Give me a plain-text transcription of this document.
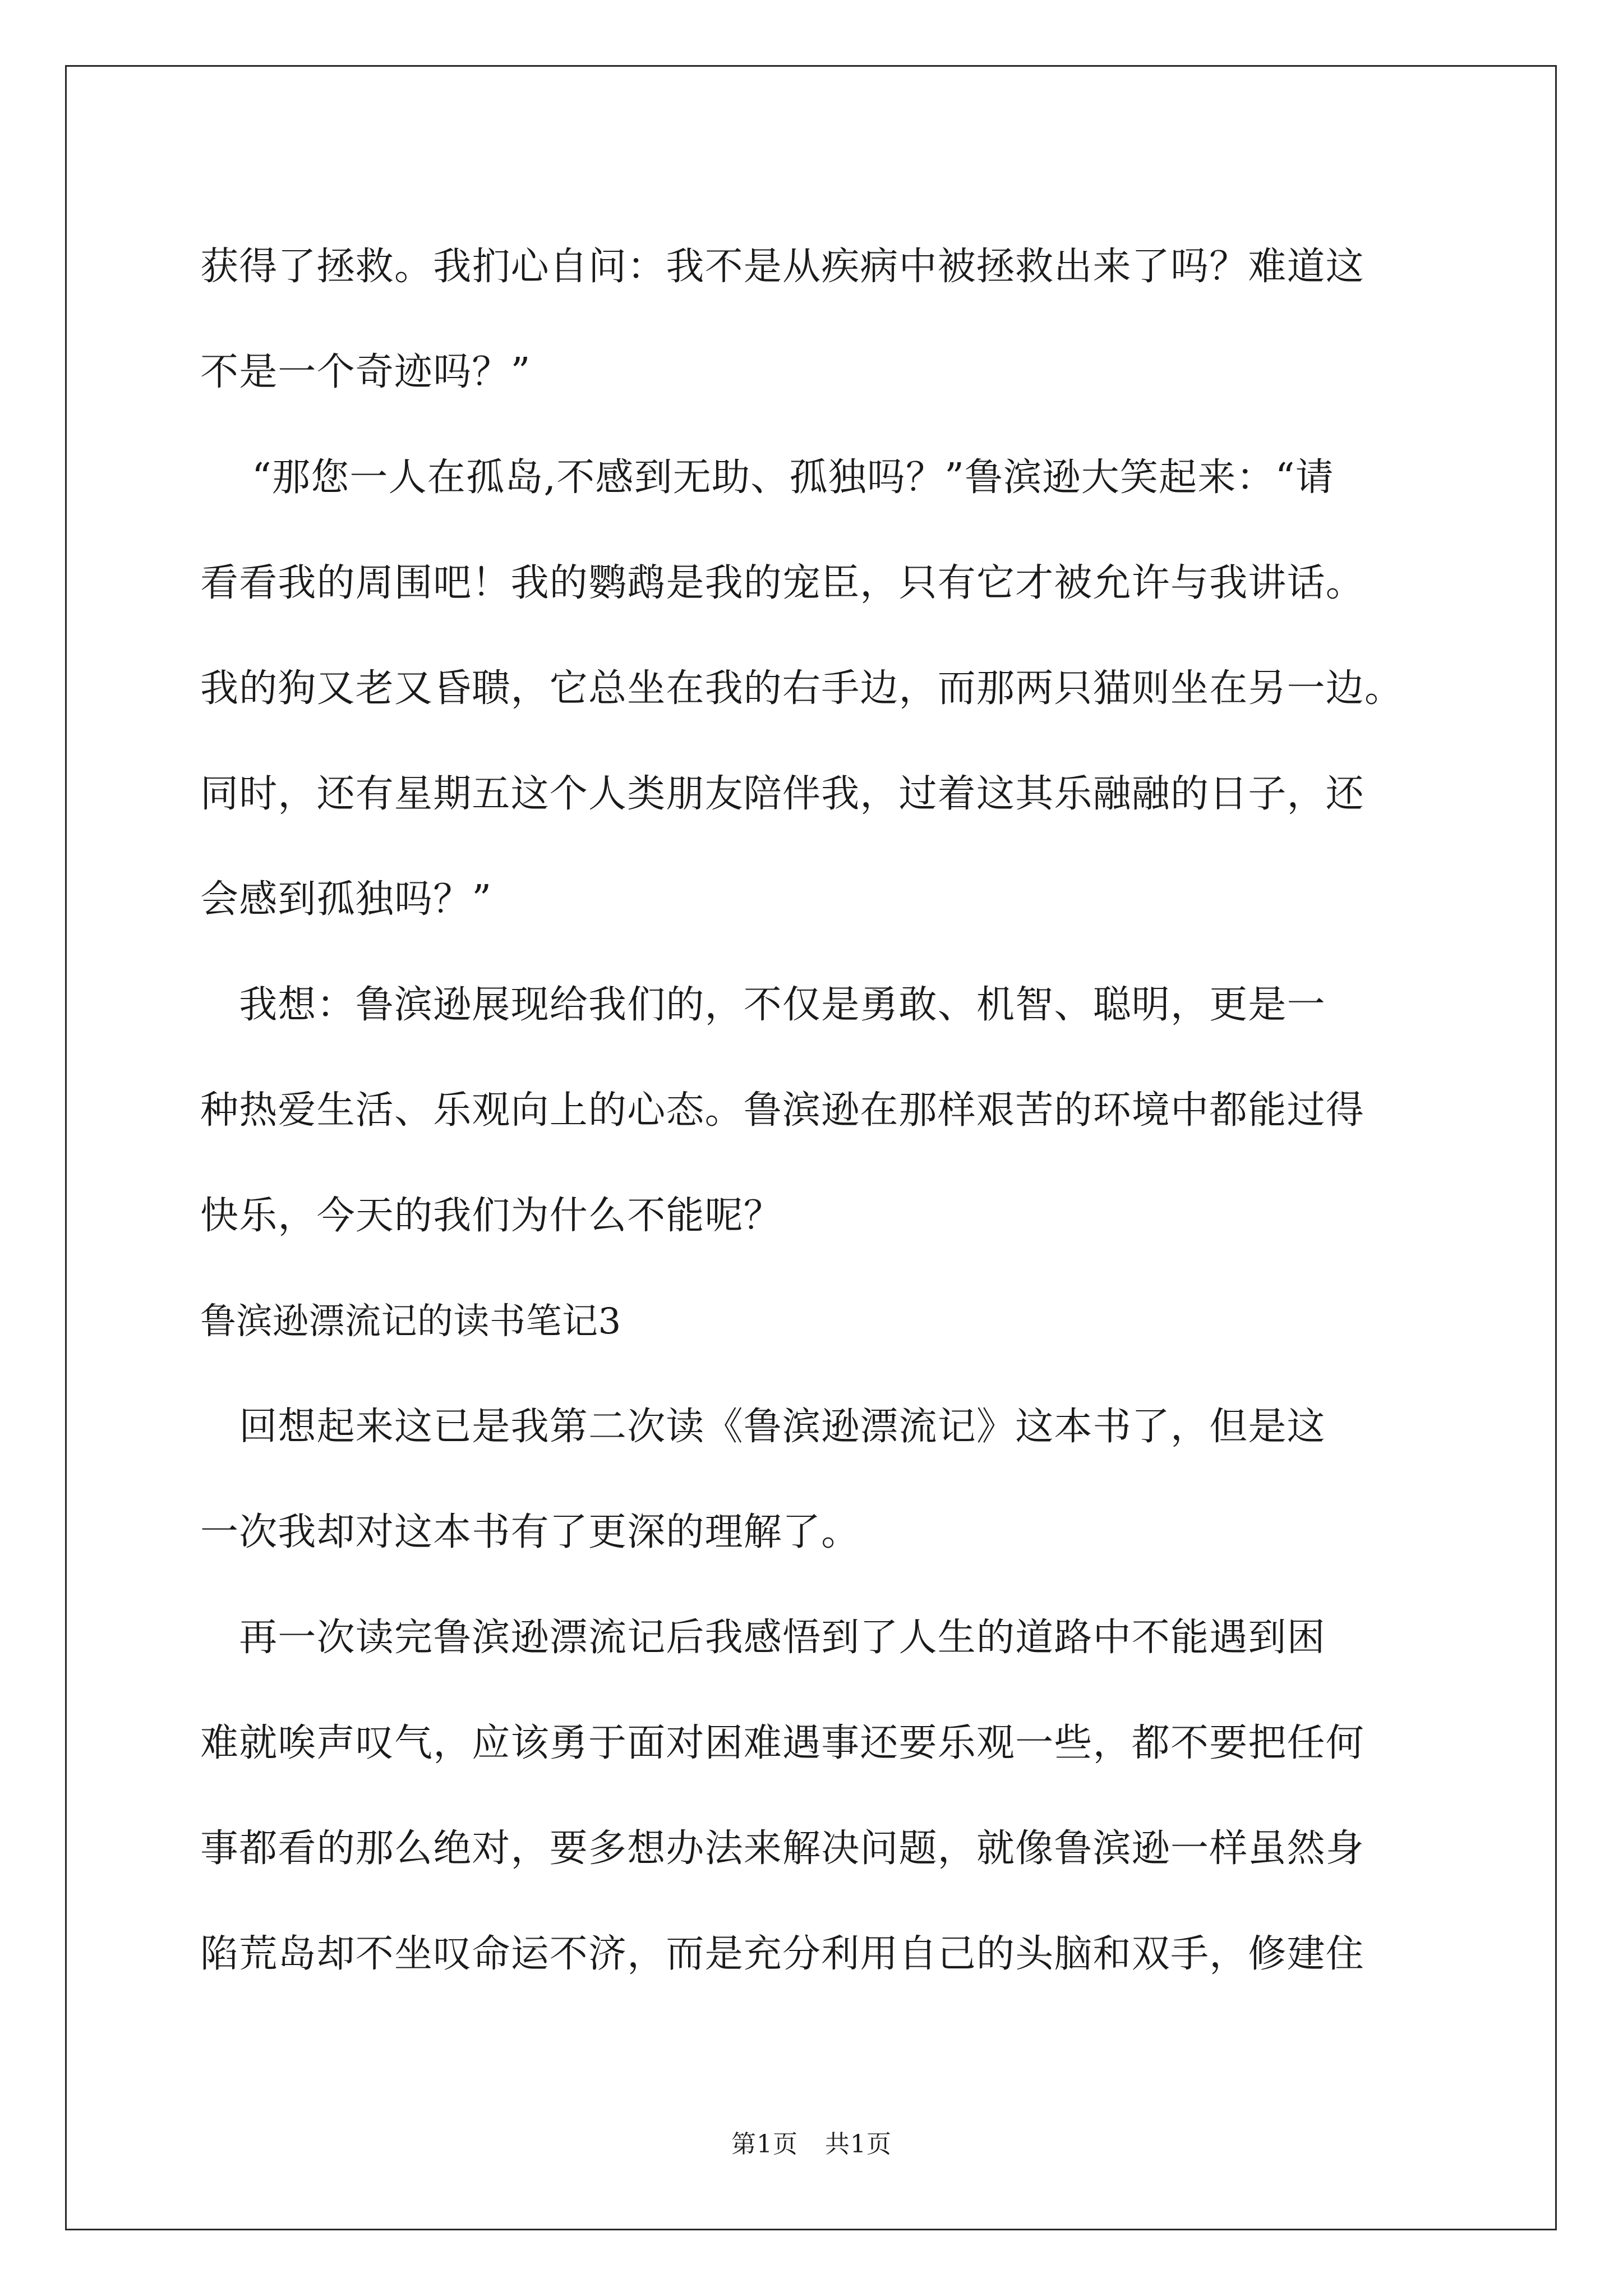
获得了拯救。我扪心自问：我不是从疾病中被拯救出来了吗？难道这
不是一个奇迹吗？”
　 “那您一人在孤岛,不感到无助、孤独吗？”鲁滨逊大笑起来：“请
看看我的周围吧！我的鹦鹉是我的宠臣，只有它才被允许与我讲话。
我的狗又老又昏聩，它总坐在我的右手边，而那两只猫则坐在另一边。
同时，还有星期五这个人类朋友陪伴我，过着这其乐融融的日子，还
会感到孤独吗？”
　我想：鲁滨逊展现给我们的，不仅是勇敢、机智、聪明，更是一
种热爱生活、乐观向上的心态。鲁滨逊在那样艰苦的环境中都能过得
快乐，今天的我们为什么不能呢？
鲁滨逊漂流记的读书笔记3
　回想起来这已是我第二次读《鲁滨逊漂流记》这本书了，但是这
一次我却对这本书有了更深的理解了。
　再一次读完鲁滨逊漂流记后我感悟到了人生的道路中不能遇到困
难就唉声叹气，应该勇于面对困难遇事还要乐观一些，都不要把任何
事都看的那么绝对，要多想办法来解决问题，就像鲁滨逊一样虽然身
陷荒岛却不坐叹命运不济，而是充分利用自己的头脑和双手，修建住
第1页 共1页
